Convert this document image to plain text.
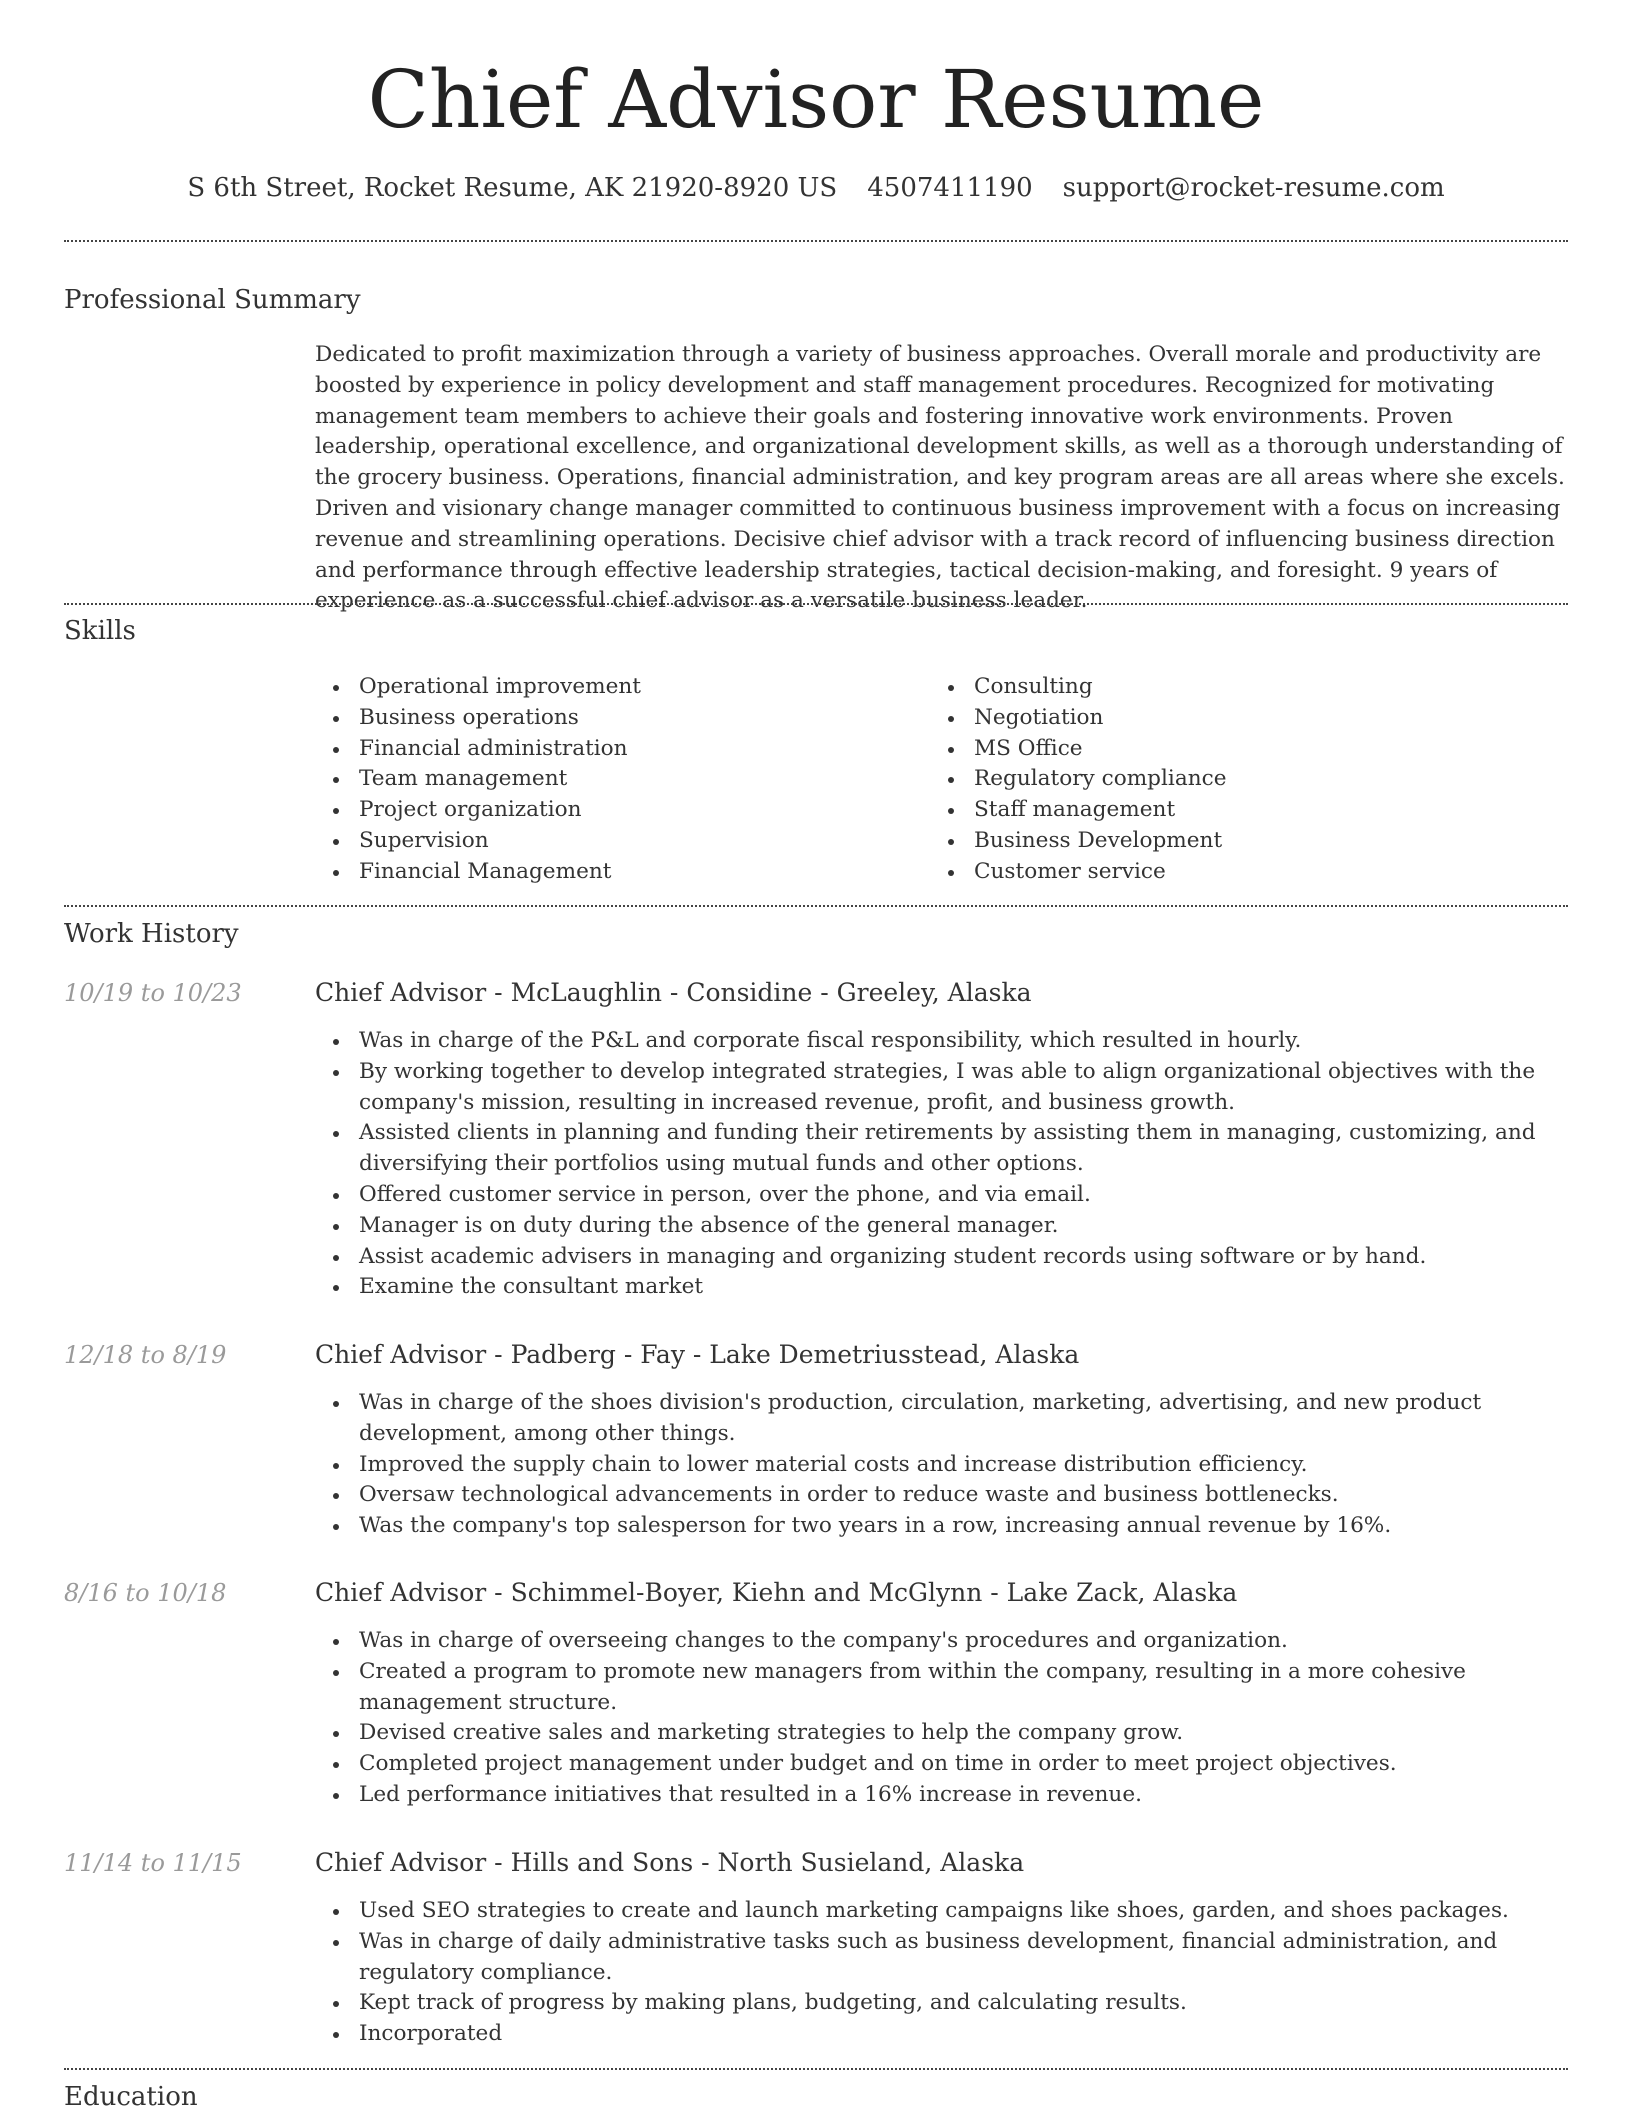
Chief Advisor Resume
S 6th Street, Rocket Resume, AK 21920-8920 US 4507411190 support@rocket-resume.com
Professional Summary

Dedicated to profit maximization through a variety of business approaches. Overall morale and productivity are boosted by experience in policy development and staff management procedures. Recognized for motivating management team members to achieve their goals and fostering innovative work environments. Proven leadership, operational excellence, and organizational development skills, as well as a thorough understanding of the grocery business. Operations, financial administration, and key program areas are all areas where she excels. Driven and visionary change manager committed to continuous business improvement with a focus on increasing revenue and streamlining operations. Decisive chief advisor with a track record of influencing business direction and performance through effective leadership strategies, tactical decision-making, and foresight. 9 years of experience as a successful chief advisor as a versatile business leader.

Skills
Operational improvement
Business operations
Financial administration
Team management
Project organization
Supervision
Financial Management
Consulting
Negotiation
MS Office
Regulatory compliance
Staff management
Business Development
Customer service
Work History
10/19 to 10/23	Chief Advisor - McLaughlin - Considine - Greeley, Alaska
Was in charge of the P&L and corporate fiscal responsibility, which resulted in hourly.
By working together to develop integrated strategies, I was able to align organizational objectives with the company's mission, resulting in increased revenue, profit, and business growth.
Assisted clients in planning and funding their retirements by assisting them in managing, customizing, and diversifying their portfolios using mutual funds and other options.
Offered customer service in person, over the phone, and via email.
Manager is on duty during the absence of the general manager.
Assist academic advisers in managing and organizing student records using software or by hand.
Examine the consultant market
12/18 to 8/19	Chief Advisor - Padberg - Fay - Lake Demetriusstead, Alaska
Was in charge of the shoes division's production, circulation, marketing, advertising, and new product development, among other things.
Improved the supply chain to lower material costs and increase distribution efficiency.
Oversaw technological advancements in order to reduce waste and business bottlenecks.
Was the company's top salesperson for two years in a row, increasing annual revenue by 16%.
8/16 to 10/18	Chief Advisor - Schimmel-Boyer, Kiehn and McGlynn - Lake Zack, Alaska
Was in charge of overseeing changes to the company's procedures and organization.
Created a program to promote new managers from within the company, resulting in a more cohesive management structure.
Devised creative sales and marketing strategies to help the company grow.
Completed project management under budget and on time in order to meet project objectives.
Led performance initiatives that resulted in a 16% increase in revenue.
11/14 to 11/15	Chief Advisor - Hills and Sons - North Susieland, Alaska
Used SEO strategies to create and launch marketing campaigns like shoes, garden, and shoes packages.
Was in charge of daily administrative tasks such as business development, financial administration, and regulatory compliance.
Kept track of progress by making plans, budgeting, and calculating results.
Incorporated
Education
